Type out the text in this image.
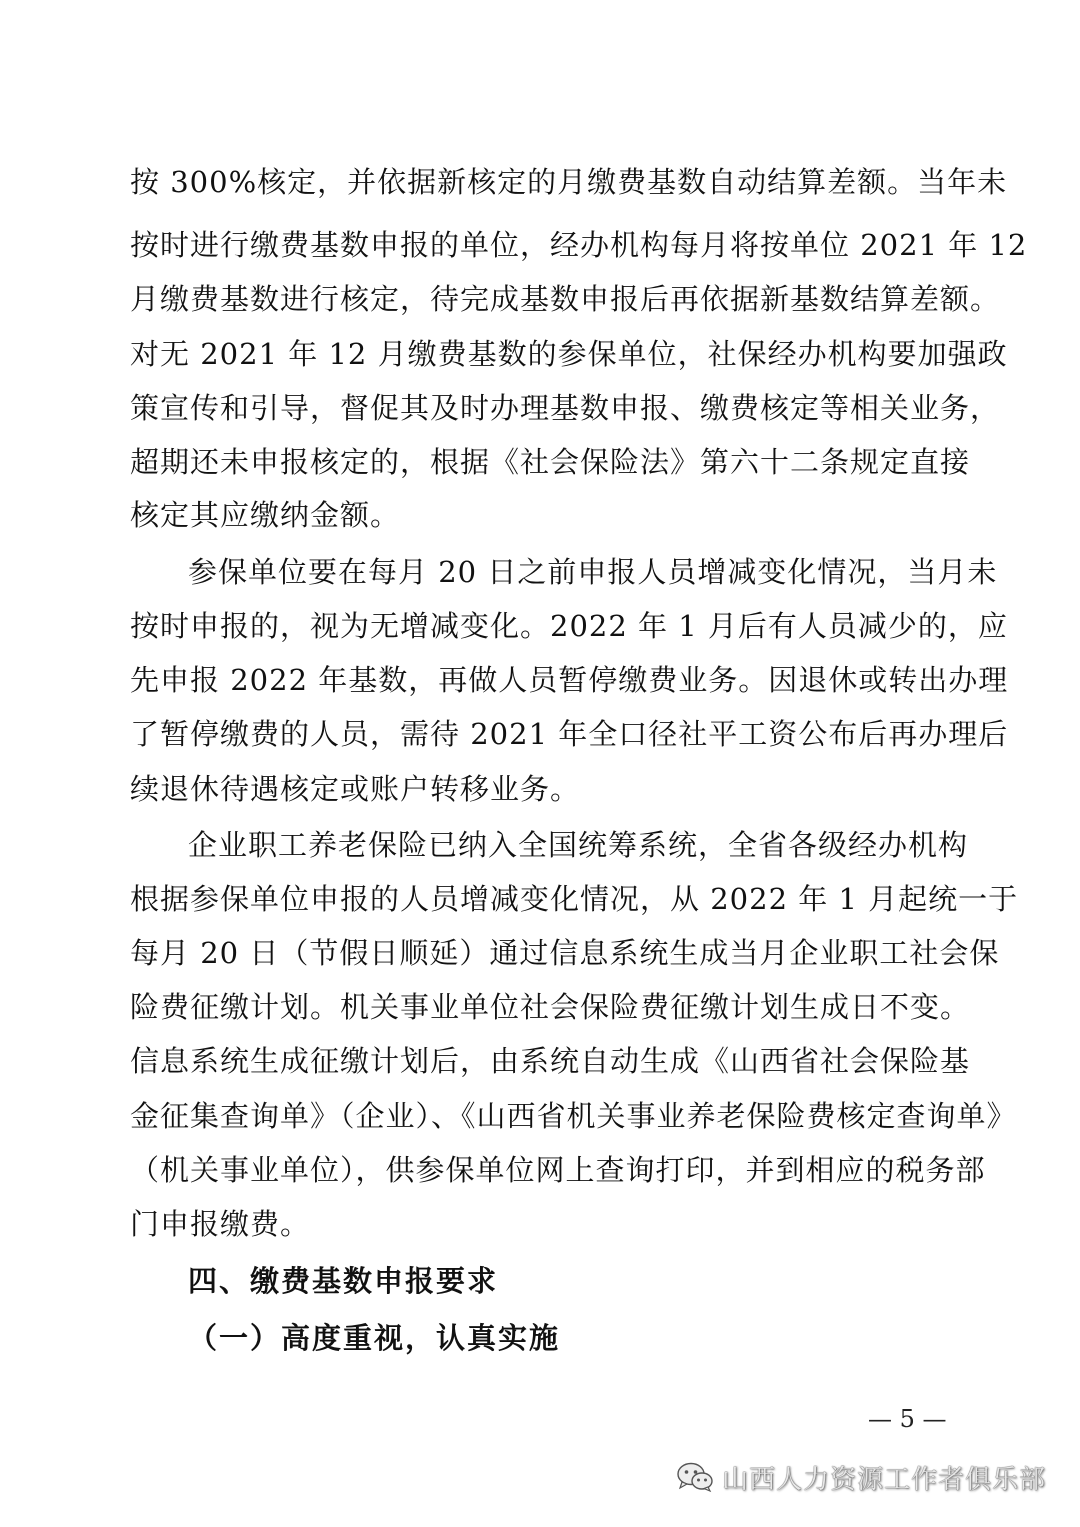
按 300%核定，并依据新核定的月缴费基数自动结算差额。当年未
按时进行缴费基数申报的单位，经办机构每月将按单位 2021 年 12
月缴费基数进行核定，待完成基数申报后再依据新基数结算差额。
对无 2021 年 12 月缴费基数的参保单位，社保经办机构要加强政
策宣传和引导，督促其及时办理基数申报、缴费核定等相关业务，
超期还未申报核定的，根据《社会保险法》第六十二条规定直接
核定其应缴纳金额。
参保单位要在每月 20 日之前申报人员增减变化情况，当月未
按时申报的，视为无增减变化。2022 年 1 月后有人员减少的，应
先申报 2022 年基数，再做人员暂停缴费业务。因退休或转出办理
了暂停缴费的人员，需待 2021 年全口径社平工资公布后再办理后
续退休待遇核定或账户转移业务。
企业职工养老保险已纳入全国统筹系统，全省各级经办机构
根据参保单位申报的人员增减变化情况，从 2022 年 1 月起统一于
每月 20 日（节假日顺延）通过信息系统生成当月企业职工社会保
险费征缴计划。机关事业单位社会保险费征缴计划生成日不变。
信息系统生成征缴计划后，由系统自动生成《山西省社会保险基
金征集查询单》（企业）、《山西省机关事业养老保险费核定查询单》
（机关事业单位），供参保单位网上查询打印，并到相应的税务部
门申报缴费。
四、缴费基数申报要求
（一）高度重视，认真实施
— 5 —
山西人力资源工作者俱乐部
